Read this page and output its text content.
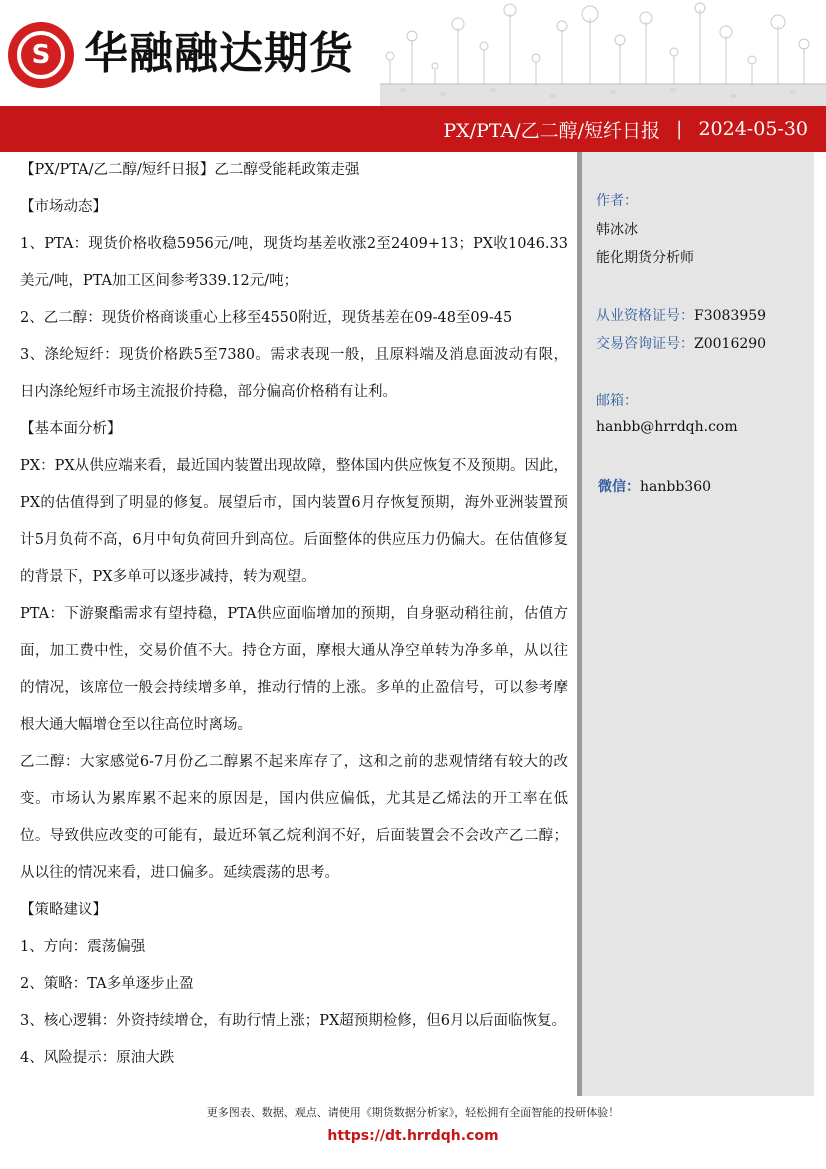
S 华融融达期货
PX/PTA/乙二醇/短纤日报 | 2024-05-30

【PX/PTA/乙二醇/短纤日报】乙二醇受能耗政策走强

【市场动态】

1、PTA：现货价格收稳5956元/吨，现货均基差收涨2至2409+13；PX收1046.33美元/吨，PTA加工区间参考339.12元/吨；

2、乙二醇：现货价格商谈重心上移至4550附近，现货基差在09-48至09-45

3、涤纶短纤：现货价格跌5至7380。需求表现一般，且原料端及消息面波动有限，日内涤纶短纤市场主流报价持稳，部分偏高价格稍有让利。

【基本面分析】

PX：PX从供应端来看，最近国内装置出现故障，整体国内供应恢复不及预期。因此，PX的估值得到了明显的修复。展望后市，国内装置6月存恢复预期，海外亚洲装置预计5月负荷不高，6月中旬负荷回升到高位。后面整体的供应压力仍偏大。在估值修复的背景下，PX多单可以逐步减持，转为观望。

PTA：下游聚酯需求有望持稳，PTA供应面临增加的预期，自身驱动稍往前，估值方面，加工费中性，交易价值不大。持仓方面，摩根大通从净空单转为净多单，从以往的情况，该席位一般会持续增多单，推动行情的上涨。多单的止盈信号，可以参考摩根大通大幅增仓至以往高位时离场。

乙二醇：大家感觉6-7月份乙二醇累不起来库存了，这和之前的悲观情绪有较大的改变。市场认为累库累不起来的原因是，国内供应偏低，尤其是乙烯法的开工率在低位。导致供应改变的可能有，最近环氧乙烷利润不好，后面装置会不会改产乙二醇；从以往的情况来看，进口偏多。延续震荡的思考。

【策略建议】

1、方向：震荡偏强

2、策略：TA多单逐步止盈

3、核心逻辑：外资持续增仓，有助行情上涨；PX超预期检修，但6月以后面临恢复。

4、风险提示：原油大跌

作者：
韩冰冰
能化期货分析师
从业资格证号：F3083959
交易咨询证号：Z0016290
邮箱：
hanbb@hrrdqh.com
微信：hanbb360
更多图表、数据、观点、请使用《期货数据分析家》，轻松拥有全面智能的投研体验！
https://dt.hrrdqh.com
